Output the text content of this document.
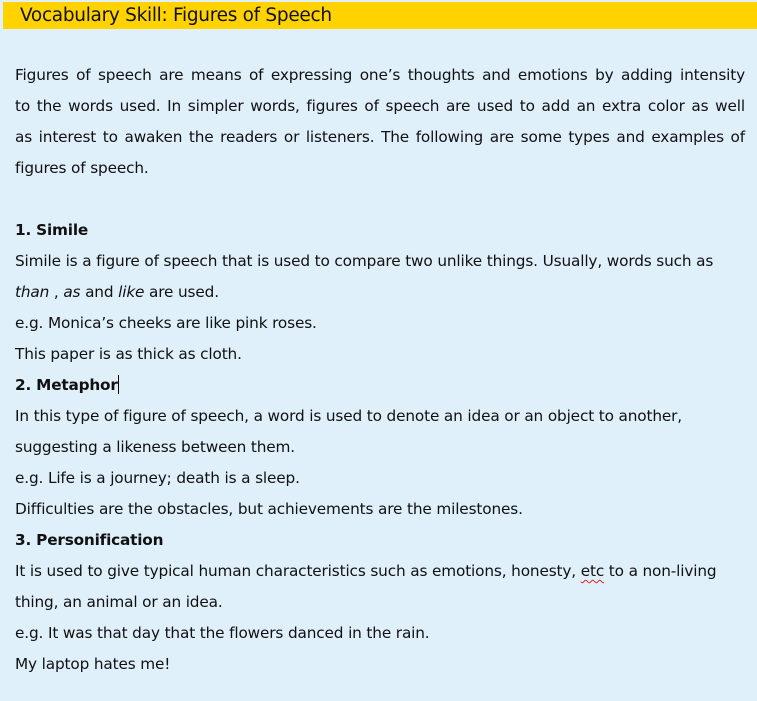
Vocabulary Skill: Figures of Speech
Figures of speech are means of expressing one’s thoughts and emotions by adding intensity
to the words used. In simpler words, figures of speech are used to add an extra color as well
as interest to awaken the readers or listeners. The following are some types and examples of
figures of speech.
1. Simile
Simile is a figure of speech that is used to compare two unlike things. Usually, words such as
than , as and like are used.
e.g. Monica’s cheeks are like pink roses.
This paper is as thick as cloth.
2. Metaphor
In this type of figure of speech, a word is used to denote an idea or an object to another,
suggesting a likeness between them.
e.g. Life is a journey; death is a sleep.
Difficulties are the obstacles, but achievements are the milestones.
3. Personification
It is used to give typical human characteristics such as emotions, honesty, etc to a non-living
thing, an animal or an idea.
e.g. It was that day that the flowers danced in the rain.
My laptop hates me!
